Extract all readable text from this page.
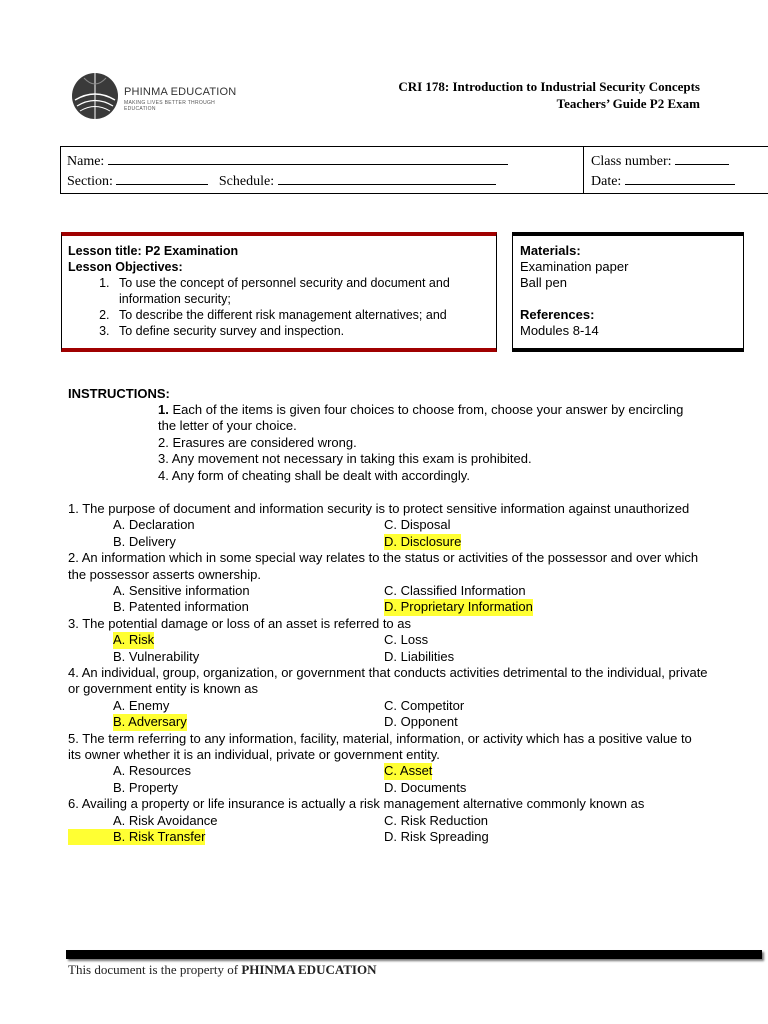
PHINMA EDUCATION
MAKING LIVES BETTER THROUGH EDUCATION
CRI 178: Introduction to Industrial Security Concepts
Teachers’ Guide P2 Exam
Name:
Section:	Schedule:
Class number:
Date:
Lesson title: P2 Examination
Lesson Objectives:
1. To use the concept of personnel security and document and information security;
2. To describe the different risk management alternatives; and
3. To define security survey and inspection.
Materials:
Examination paper
Ball pen
References:
Modules 8-14
INSTRUCTIONS:
1. Each of the items is given four choices to choose from, choose your answer by encircling the letter of your choice.
2. Erasures are considered wrong.
3. Any movement not necessary in taking this exam is prohibited.
4. Any form of cheating shall be dealt with accordingly.
1. The purpose of document and information security is to protect sensitive information against unauthorized
A. Declaration
B. Delivery
C. Disposal
D. Disclosure
2. An information which in some special way relates to the status or activities of the possessor and over which the possessor asserts ownership.
A. Sensitive information
B. Patented information
C. Classified Information
D. Proprietary Information
3. The potential damage or loss of an asset is referred to as
A. Risk
B. Vulnerability
C. Loss
D. Liabilities
4. An individual, group, organization, or government that conducts activities detrimental to the individual, private or government entity is known as
A. Enemy
B. Adversary
C. Competitor
D. Opponent
5. The term referring to any information, facility, material, information, or activity which has a positive value to its owner whether it is an individual, private or government entity.
A. Resources
B. Property
C. Asset
D. Documents
6. Availing a property or life insurance is actually a risk management alternative commonly known as
A. Risk Avoidance
B. Risk Transfer
C. Risk Reduction
D. Risk Spreading
This document is the property of PHINMA EDUCATION
